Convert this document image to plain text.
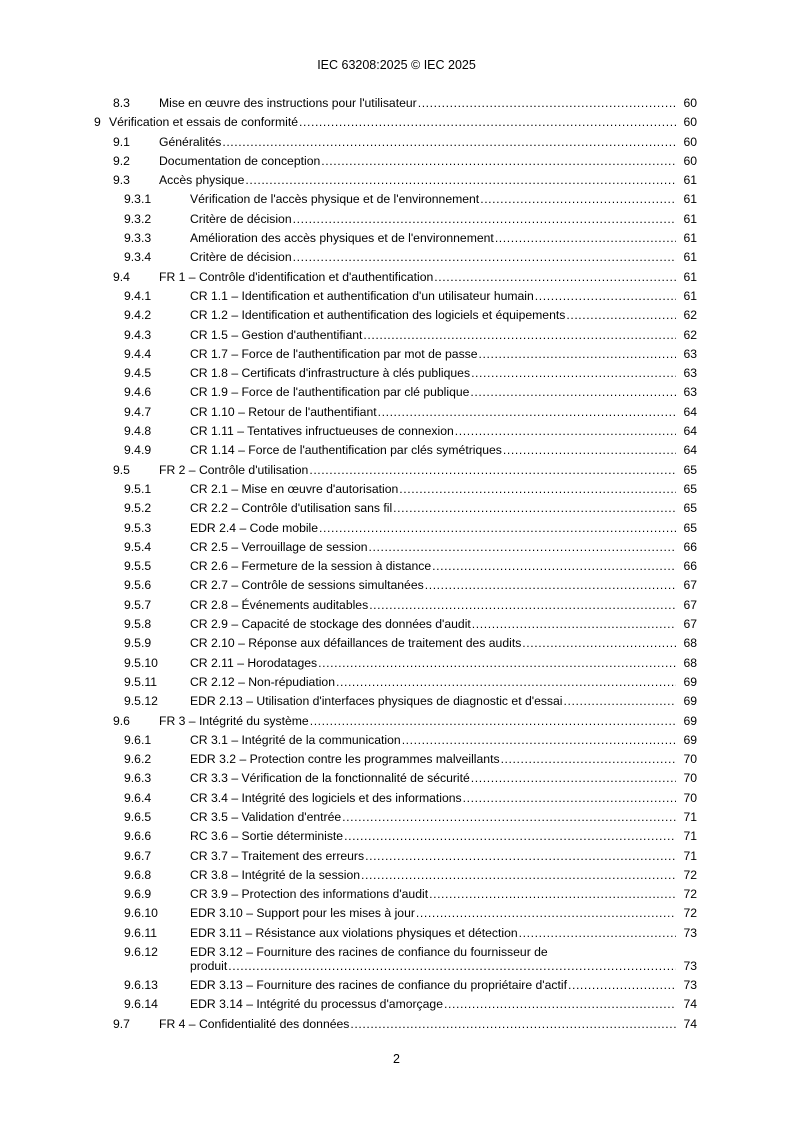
IEC 63208:2025 © IEC 2025
8.3 Mise en œuvre des instructions pour l'utilisateur .....	60
9 Vérification et essais de conformité .....	60
9.1 Généralités .....	60
9.2 Documentation de conception .....	60
9.3 Accès physique .....	61
9.3.1	Vérification de l'accès physique et de l'environnement .....	61
9.3.2	Critère de décision .....	61
9.3.3	Amélioration des accès physiques et de l'environnement .....	61
9.3.4	Critère de décision .....	61
9.4 FR 1 – Contrôle d'identification et d'authentification .....	61
9.4.1	CR 1.1 – Identification et authentification d'un utilisateur humain .....	61
9.4.2	CR 1.2 – Identification et authentification des logiciels et équipements .....	62
9.4.3	CR 1.5 – Gestion d'authentifiant .....	62
9.4.4	CR 1.7 – Force de l'authentification par mot de passe .....	63
9.4.5	CR 1.8 – Certificats d'infrastructure à clés publiques .....	63
9.4.6	CR 1.9 – Force de l'authentification par clé publique .....	63
9.4.7	CR 1.10 – Retour de l'authentifiant .....	64
9.4.8	CR 1.11 – Tentatives infructueuses de connexion .....	64
9.4.9	CR 1.14 – Force de l'authentification par clés symétriques .....	64
9.5 FR 2 – Contrôle d'utilisation .....	65
9.5.1	CR 2.1 – Mise en œuvre d'autorisation .....	65
9.5.2	CR 2.2 – Contrôle d'utilisation sans fil .....	65
9.5.3	EDR 2.4 – Code mobile .....	65
9.5.4	CR 2.5 – Verrouillage de session .....	66
9.5.5	CR 2.6 – Fermeture de la session à distance .....	66
9.5.6	CR 2.7 – Contrôle de sessions simultanées .....	67
9.5.7	CR 2.8 – Événements auditables .....	67
9.5.8	CR 2.9 – Capacité de stockage des données d'audit .....	67
9.5.9	CR 2.10 – Réponse aux défaillances de traitement des audits .....	68
9.5.10	CR 2.11 – Horodatages .....	68
9.5.11	CR 2.12 – Non-répudiation .....	69
9.5.12	EDR 2.13 – Utilisation d'interfaces physiques de diagnostic et d'essai .....	69
9.6 FR 3 – Intégrité du système .....	69
9.6.1	CR 3.1 – Intégrité de la communication .....	69
9.6.2	EDR 3.2 – Protection contre les programmes malveillants .....	70
9.6.3	CR 3.3 – Vérification de la fonctionnalité de sécurité .....	70
9.6.4	CR 3.4 – Intégrité des logiciels et des informations .....	70
9.6.5	CR 3.5 – Validation d'entrée .....	71
9.6.6	RC 3.6 – Sortie déterministe .....	71
9.6.7	CR 3.7 – Traitement des erreurs .....	71
9.6.8	CR 3.8 – Intégrité de la session .....	72
9.6.9	CR 3.9 – Protection des informations d'audit .....	72
9.6.10	EDR 3.10 – Support pour les mises à jour .....	72
9.6.11	EDR 3.11 – Résistance aux violations physiques et détection .....	73
9.6.12	EDR 3.12 – Fourniture des racines de confiance du fournisseur de
produit .....	73
9.6.13	EDR 3.13 – Fourniture des racines de confiance du propriétaire d'actif .....	73
9.6.14	EDR 3.14 – Intégrité du processus d'amorçage .....	74
9.7 FR 4 – Confidentialité des données .....	74
2
